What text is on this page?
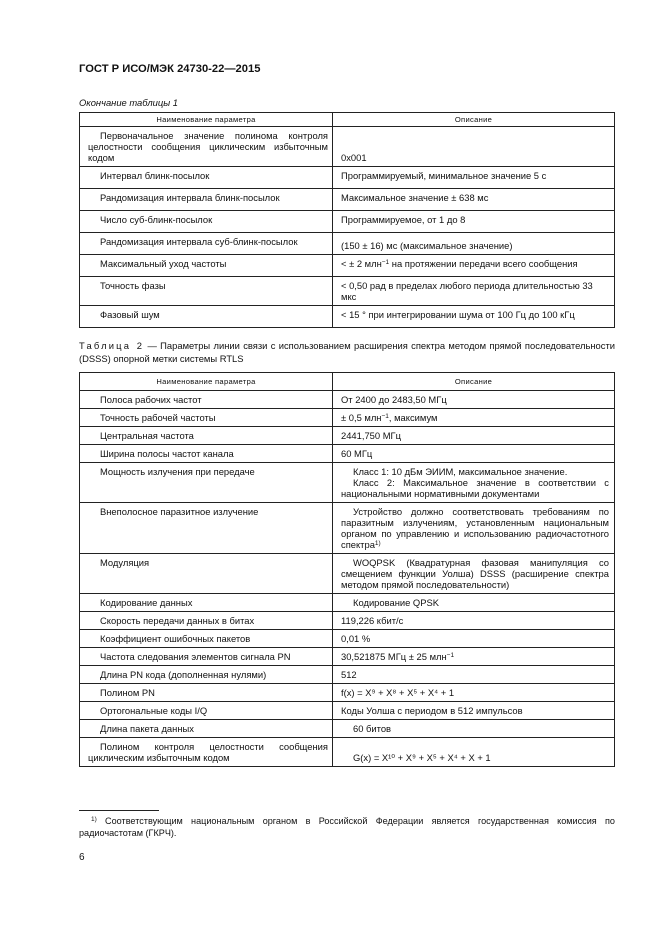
ГОСТ Р ИСО/МЭК 24730-22—2015
Окончание таблицы 1
Наименование параметра	Описание
Первоначальное значение полинома контроля целостности сообщения циклическим избыточным кодом	0x001
Интервал блинк-посылок	Программируемый, минимальное значение 5 с
Рандомизация интервала блинк-посылок	Максимальное значение ± 638 мс
Число суб-блинк-посылок	Программируемое, от 1 до 8
Рандомизация интервала суб-блинк-посылок	(150 ± 16) мс (максимальное значение)
Максимальный уход частоты	< ± 2 млн$^{-1}$ на протяжении передачи всего сообщения
Точность фазы	< 0,50 рад в пределах любого периода длительностью 33 мкс
Фазовый шум	< 15 ° при интегрировании шума от 100 Гц до 100 кГц
Таблица 2 — Параметры линии связи с использованием расширения спектра методом прямой последовательности (DSSS) опорной метки системы RTLS
Наименование параметра	Описание
Полоса рабочих частот	От 2400 до 2483,50 МГц
Точность рабочей частоты	± 0,5 млн$^{-1}$, максимум
Центральная частота	2441,750 МГц
Ширина полосы частот канала	60 МГц
Мощность излучения при передаче	Класс 1: 10 дБм ЭИИМ, максимальное значение.
Класс 2: Максимальное значение в соответствии с национальными нормативными документами

Внеполосное паразитное излучение	Устройство должно соответствовать требованиям по паразитным излучениям, установленным национальным органом по управлению и использованию радиочастотного спектра$^{1)}$
Модуляция	WOQPSK (Квадратурная фазовая манипуляция со смещением функции Уолша) DSSS (расширение спектра методом прямой последовательности)
Кодирование данных	Кодирование QPSK
Скорость передачи данных в битах	119,226 кбит/с
Коэффициент ошибочных пакетов	0,01 %
Частота следования элементов сигнала PN	30,521875 МГц ± 25 млн$^{-1}$
Длина PN кода (дополненная нулями)	512
Полином PN	f(x) = X⁹ + X⁸ + X⁵ + X⁴ + 1
Ортогональные коды I/Q	Коды Уолша с периодом в 512 импульсов
Длина пакета данных	60 битов
Полином контроля целостности сообщения циклическим избыточным кодом	G(x) = X¹⁰ + X⁹ + X⁵ + X⁴ + X + 1
$^{1)}$ Соответствующим национальным органом в Российской Федерации является государственная комиссия по радиочастотам (ГКРЧ).
6
